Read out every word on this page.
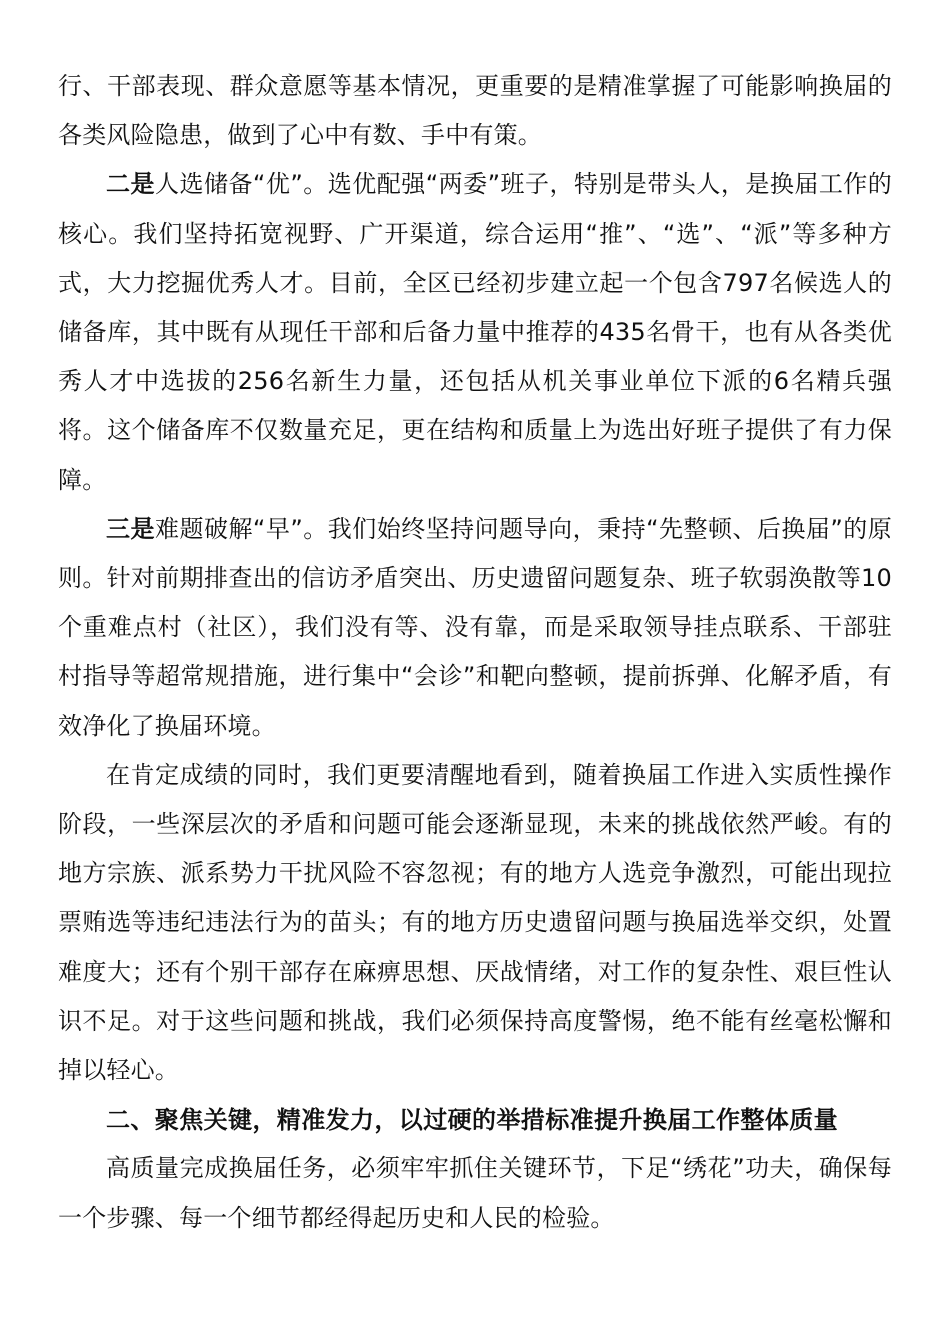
行、干部表现、群众意愿等基本情况，更重要的是精准掌握了可能影响换届的各类风险隐患，做到了心中有数、手中有策。

二是人选储备“优”。选优配强“两委”班子，特别是带头人，是换届工作的核心。我们坚持拓宽视野、广开渠道，综合运用“推”、“选”、“派”等多种方式，大力挖掘优秀人才。目前，全区已经初步建立起一个包含797名候选人的储备库，其中既有从现任干部和后备力量中推荐的435名骨干，也有从各类优秀人才中选拔的256名新生力量，还包括从机关事业单位下派的6名精兵强将。这个储备库不仅数量充足，更在结构和质量上为选出好班子提供了有力保障。

三是难题破解“早”。我们始终坚持问题导向，秉持“先整顿、后换届”的原则。针对前期排查出的信访矛盾突出、历史遗留问题复杂、班子软弱涣散等10个重难点村（社区），我们没有等、没有靠，而是采取领导挂点联系、干部驻村指导等超常规措施，进行集中“会诊”和靶向整顿，提前拆弹、化解矛盾，有效净化了换届环境。

在肯定成绩的同时，我们更要清醒地看到，随着换届工作进入实质性操作阶段，一些深层次的矛盾和问题可能会逐渐显现，未来的挑战依然严峻。有的地方宗族、派系势力干扰风险不容忽视；有的地方人选竞争激烈，可能出现拉票贿选等违纪违法行为的苗头；有的地方历史遗留问题与换届选举交织，处置难度大；还有个别干部存在麻痹思想、厌战情绪，对工作的复杂性、艰巨性认识不足。对于这些问题和挑战，我们必须保持高度警惕，绝不能有丝毫松懈和掉以轻心。

二、聚焦关键，精准发力，以过硬的举措标准提升换届工作整体质量

高质量完成换届任务，必须牢牢抓住关键环节，下足“绣花”功夫，确保每一个步骤、每一个细节都经得起历史和人民的检验。
